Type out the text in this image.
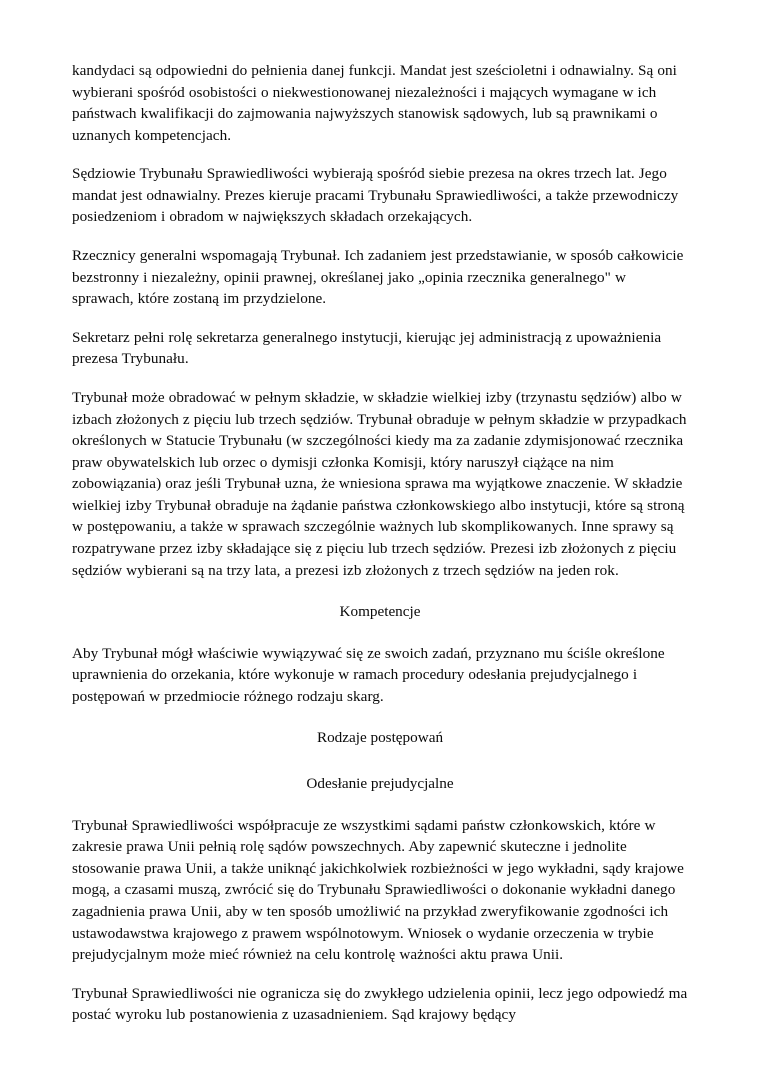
kandydaci są odpowiedni do pełnienia danej funkcji. Mandat jest sześcioletni i odnawialny. Są oni wybierani spośród osobistości o niekwestionowanej niezależności i mających wymagane w ich państwach kwalifikacji do zajmowania najwyższych stanowisk sądowych, lub są prawnikami o uznanych kompetencjach.

Sędziowie Trybunału Sprawiedliwości wybierają spośród siebie prezesa na okres trzech lat. Jego mandat jest odnawialny. Prezes kieruje pracami Trybunału Sprawiedliwości, a także przewodniczy posiedzeniom i obradom w największych składach orzekających.

Rzecznicy generalni wspomagają Trybunał. Ich zadaniem jest przedstawianie, w sposób całkowicie bezstronny i niezależny, opinii prawnej, określanej jako „opinia rzecznika generalnego" w sprawach, które zostaną im przydzielone.

Sekretarz pełni rolę sekretarza generalnego instytucji, kierując jej administracją z upoważnienia prezesa Trybunału.

Trybunał może obradować w pełnym składzie, w składzie wielkiej izby (trzynastu sędziów) albo w izbach złożonych z pięciu lub trzech sędziów. Trybunał obraduje w pełnym składzie w przypadkach określonych w Statucie Trybunału (w szczególności kiedy ma za zadanie zdymisjonować rzecznika praw obywatelskich lub orzec o dymisji członka Komisji, który naruszył ciążące na nim zobowiązania) oraz jeśli Trybunał uzna, że wniesiona sprawa ma wyjątkowe znaczenie. W składzie wielkiej izby Trybunał obraduje na żądanie państwa członkowskiego albo instytucji, które są stroną w postępowaniu, a także w sprawach szczególnie ważnych lub skomplikowanych. Inne sprawy są rozpatrywane przez izby składające się z pięciu lub trzech sędziów. Prezesi izb złożonych z pięciu sędziów wybierani są na trzy lata, a prezesi izb złożonych z trzech sędziów na jeden rok.

Kompetencje

Aby Trybunał mógł właściwie wywiązywać się ze swoich zadań, przyznano mu ściśle określone uprawnienia do orzekania, które wykonuje w ramach procedury odesłania prejudycjalnego i postępowań w przedmiocie różnego rodzaju skarg.

Rodzaje postępowań
Odesłanie prejudycjalne

Trybunał Sprawiedliwości współpracuje ze wszystkimi sądami państw członkowskich, które w zakresie prawa Unii pełnią rolę sądów powszechnych. Aby zapewnić skuteczne i jednolite stosowanie prawa Unii, a także uniknąć jakichkolwiek rozbieżności w jego wykładni, sądy krajowe mogą, a czasami muszą, zwrócić się do Trybunału Sprawiedliwości o dokonanie wykładni danego zagadnienia prawa Unii, aby w ten sposób umożliwić na przykład zweryfikowanie zgodności ich ustawodawstwa krajowego z prawem wspólnotowym. Wniosek o wydanie orzeczenia w trybie prejudycjalnym może mieć również na celu kontrolę ważności aktu prawa Unii.

Trybunał Sprawiedliwości nie ogranicza się do zwykłego udzielenia opinii, lecz jego odpowiedź ma postać wyroku lub postanowienia z uzasadnieniem. Sąd krajowy będący
